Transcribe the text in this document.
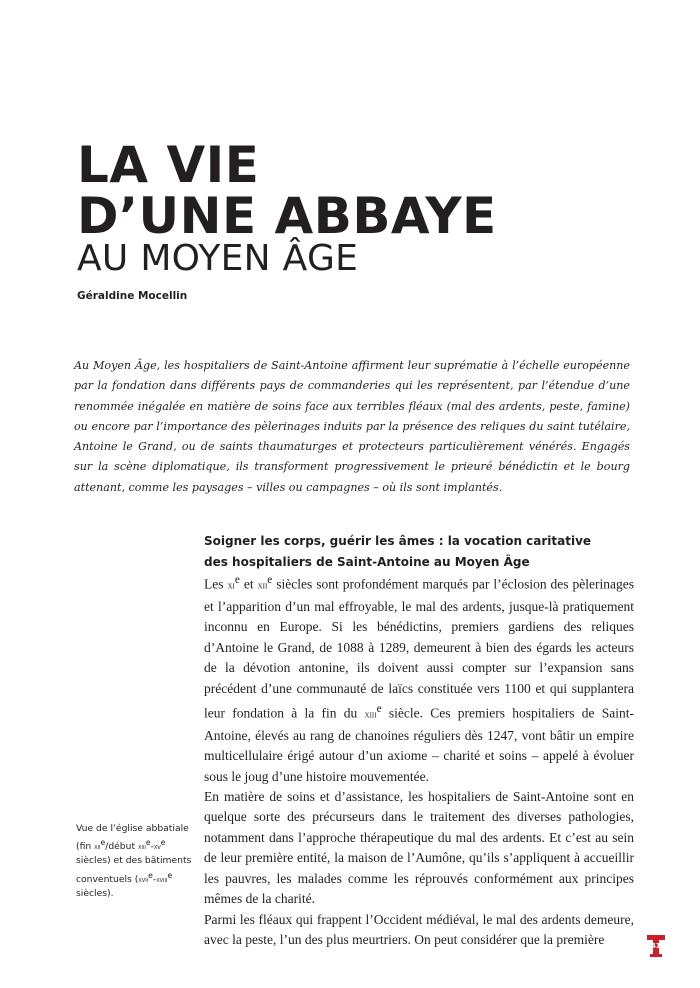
LA VIE
D’UNE ABBAYE
AU MOYEN ÂGE
Géraldine Mocellin
Au Moyen Âge, les hospitaliers de Saint-Antoine affirment leur suprématie à l’échelle européenne par la fondation dans différents pays de commanderies qui les représentent, par l’étendue d’une renommée inégalée en matière de soins face aux terribles fléaux (mal des ardents, peste, famine) ou encore par l’importance des pèlerinages induits par la présence des reliques du saint tutélaire, Antoine le Grand, ou de saints thaumaturges et protecteurs particulièrement vénérés. Engagés sur la scène diplomatique, ils transforment progressivement le prieuré bénédictin et le bourg attenant, comme les paysages – villes ou campagnes – où ils sont implantés.
Soigner les corps, guérir les âmes : la vocation caritative
des hospitaliers de Saint-Antoine au Moyen Âge

Les $xi^e$ et xii$^e$ siècles sont profondément marqués par l’éclosion des pèlerinages et l’apparition d’un mal effroyable, le mal des ardents, jusque-là pratiquement inconnu en Europe. Si les bénédictins, premiers gardiens des reliques d’Antoine le Grand, de 1088 à 1289, demeurent à bien des égards les acteurs de la dévotion antonine, ils doivent aussi compter sur l’expansion sans précédent d’une communauté de laïcs constituée vers 1100 et qui supplantera leur fondation à la fin du xiii$^e$ siècle. Ces premiers hospitaliers de Saint-Antoine, élevés au rang de chanoines réguliers dès 1247, vont bâtir un empire multicellulaire érigé autour d’un axiome – charité et soins – appelé à évoluer sous le joug d’une histoire mouvementée.

En matière de soins et d’assistance, les hospitaliers de Saint-Antoine sont en quelque sorte des précurseurs dans le traitement des diverses pathologies, notamment dans l’approche thérapeutique du mal des ardents. Et c’est au sein de leur première entité, la maison de l’Aumône, qu’ils s’appliquent à accueillir les pauvres, les malades comme les réprouvés conformément aux principes mêmes de la charité.

Parmi les fléaux qui frappent l’Occident médiéval, le mal des ardents demeure, avec la peste, l’un des plus meurtriers. On peut considérer que la première

Vue de l’église abbatiale (fin xii$^e$/début $xiii^e-xv^e$ siècles) et des bâtiments conventuels (xvii$^e$-xviii$^e$ siècles).
41
